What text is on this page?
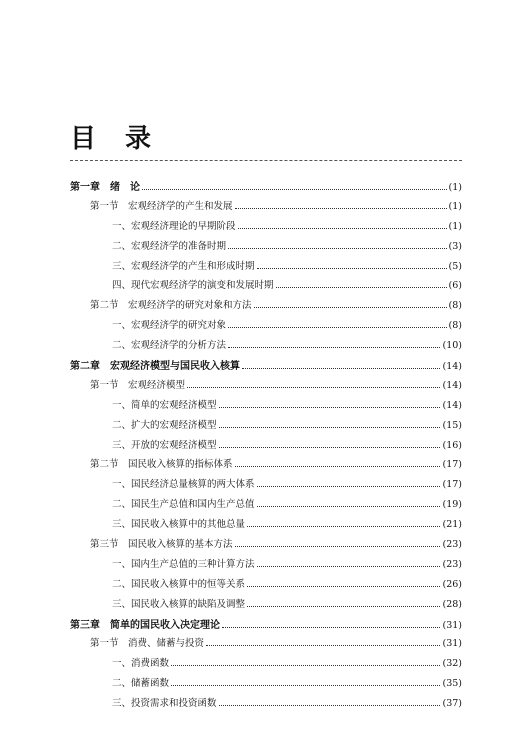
目 录
第一章　绪　论	(1)
第一节　宏观经济学的产生和发展	(1)
一、宏观经济理论的早期阶段	(1)
二、宏观经济学的准备时期	(3)
三、宏观经济学的产生和形成时期	(5)
四、现代宏观经济学的演变和发展时期	(6)
第二节　宏观经济学的研究对象和方法	(8)
一、宏观经济学的研究对象	(8)
二、宏观经济学的分析方法	(10)
第二章　宏观经济模型与国民收入核算	(14)
第一节　宏观经济模型	(14)
一、简单的宏观经济模型	(14)
二、扩大的宏观经济模型	(15)
三、开放的宏观经济模型	(16)
第二节　国民收入核算的指标体系	(17)
一、国民经济总量核算的两大体系	(17)
二、国民生产总值和国内生产总值	(19)
三、国民收入核算中的其他总量	(21)
第三节　国民收入核算的基本方法	(23)
一、国内生产总值的三种计算方法	(23)
二、国民收入核算中的恒等关系	(26)
三、国民收入核算的缺陷及调整	(28)
第三章　简单的国民收入决定理论	(31)
第一节　消费、储蓄与投资	(31)
一、消费函数	(32)
二、储蓄函数	(35)
三、投资需求和投资函数	(37)
